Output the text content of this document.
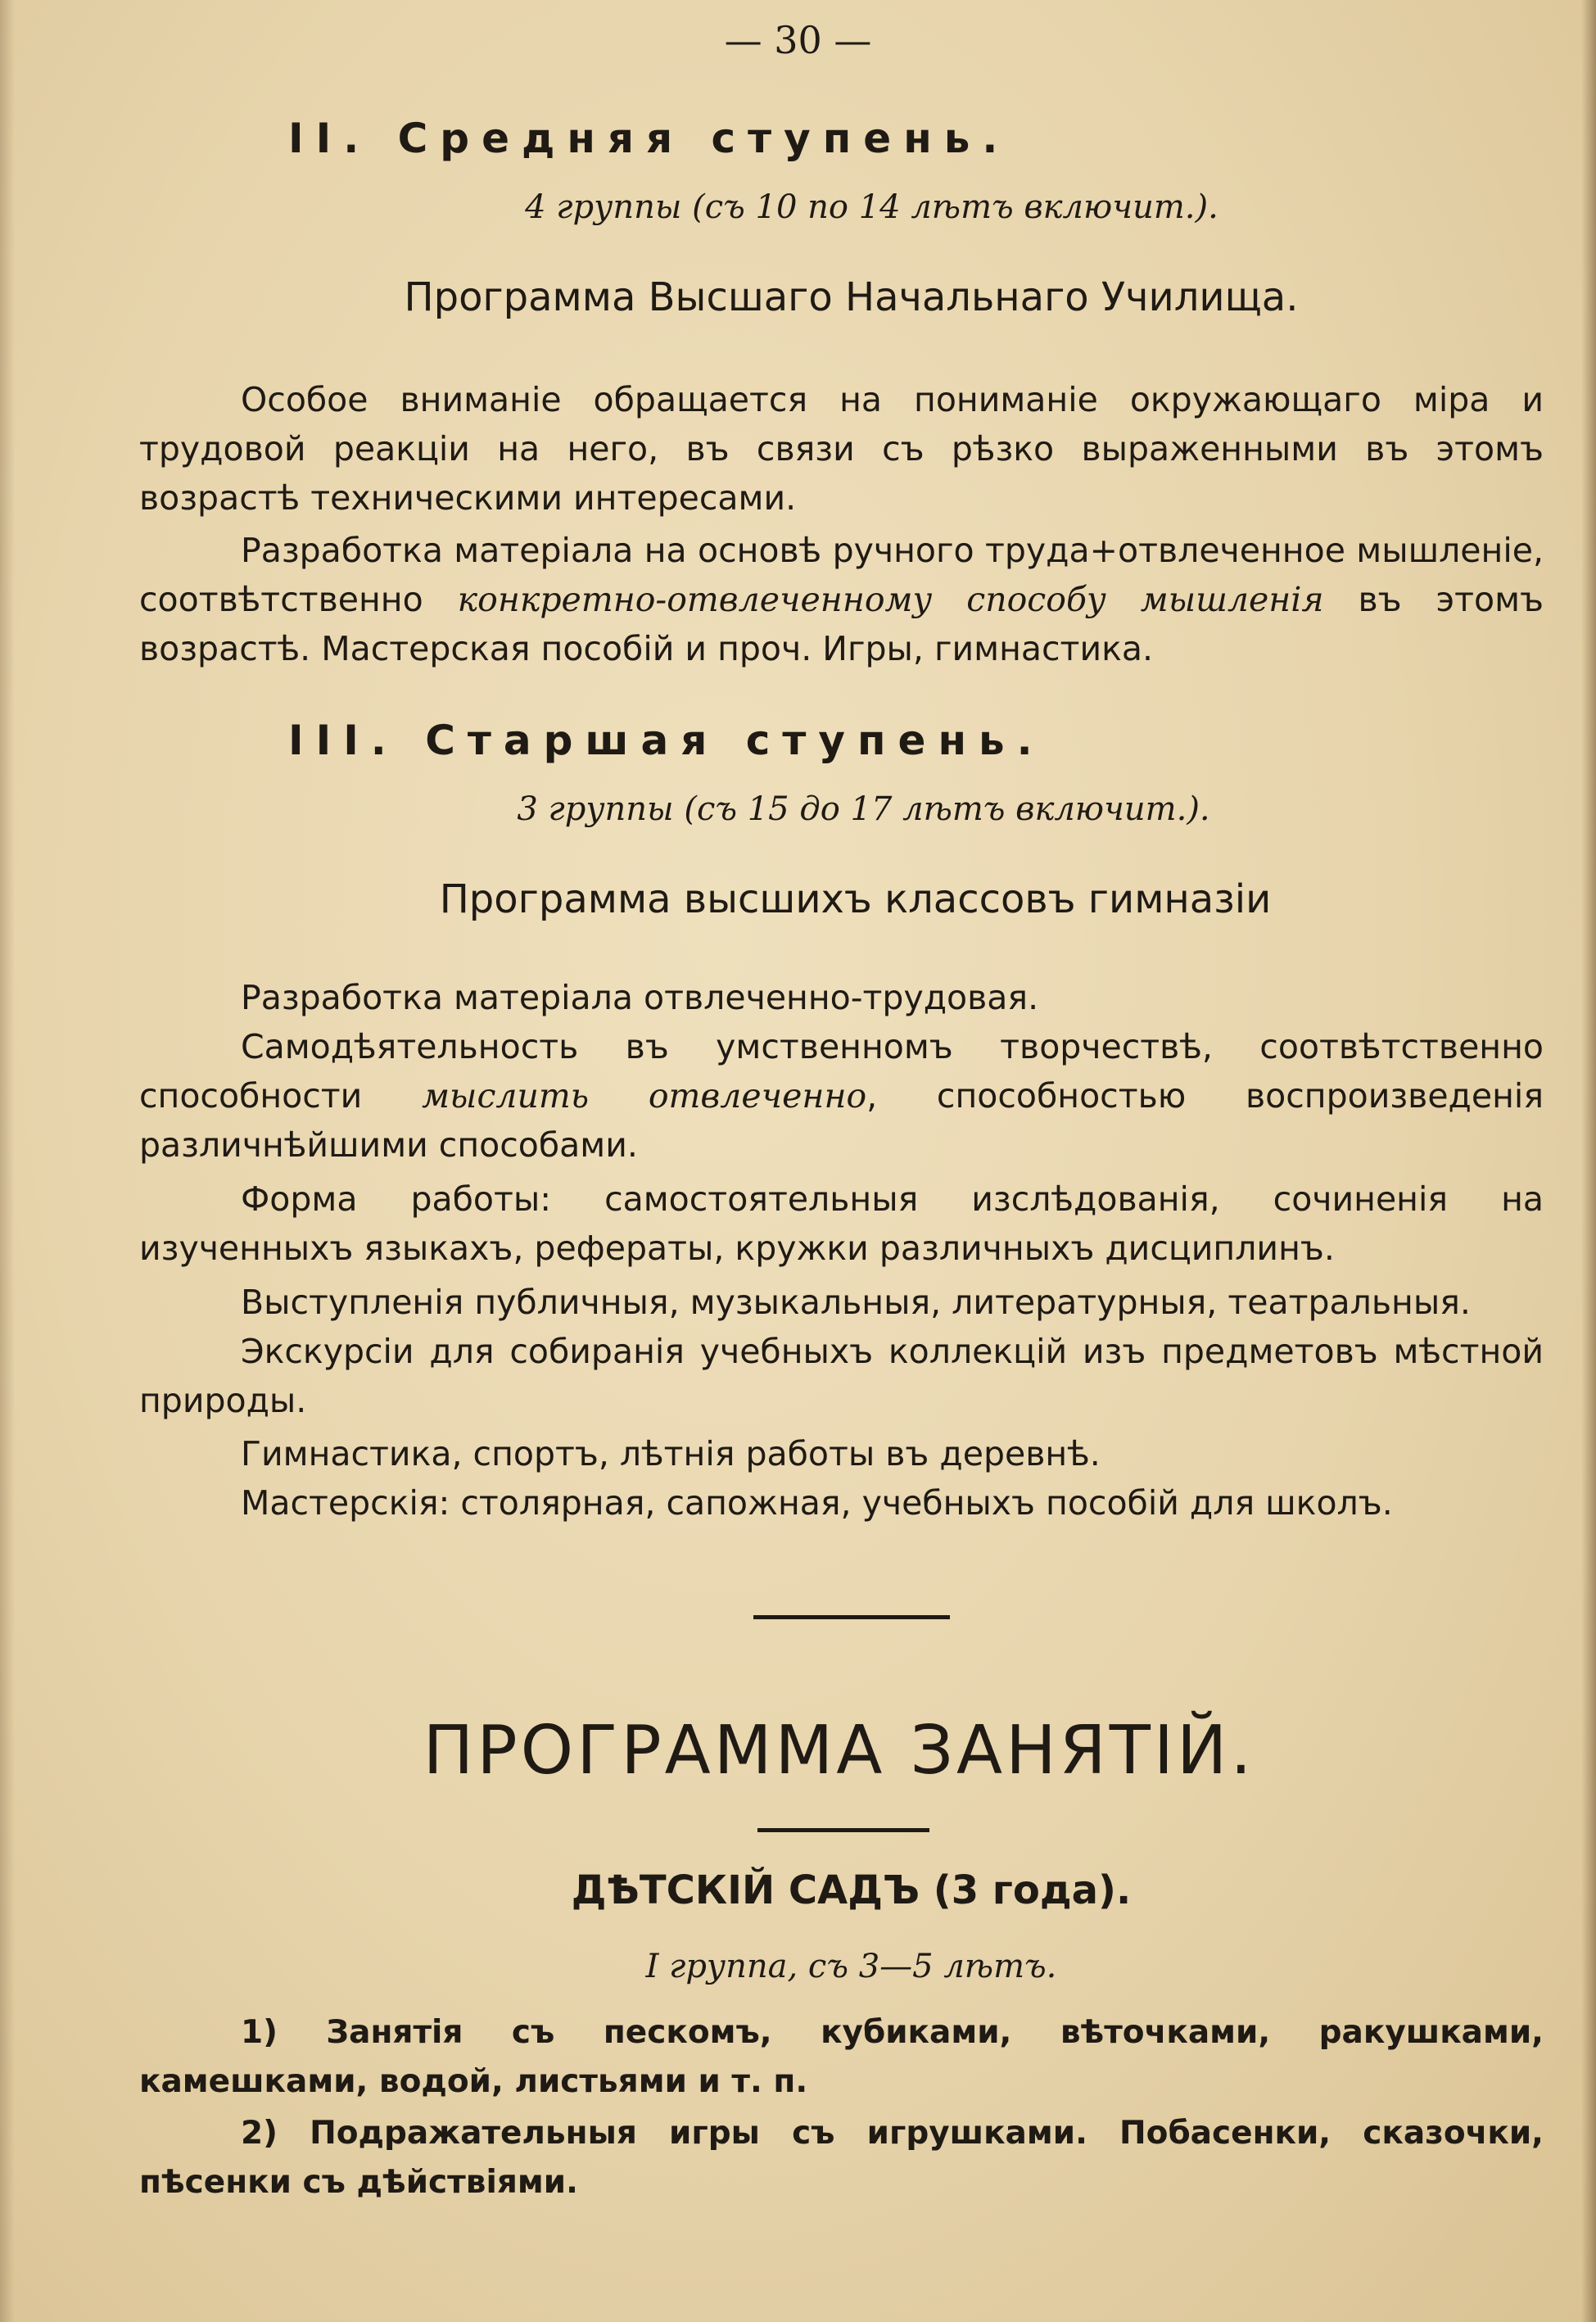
— 30 —
II. Средняя ступень.
4 группы (съ 10 по 14 лѣтъ включит.).
Программа Высшаго Начальнаго Училища.

Особое вниманіе обращается на пониманіе окружающаго міра и трудовой реакціи на него, въ связи съ рѣзко выраженными въ этомъ возрастѣ техническими интересами.

Разработка матеріала на основѣ ручного труда+отвлеченное мышленіе, соотвѣтственно конкретно-отвлеченному способу мышленія въ этомъ возрастѣ. Мастерская пособій и проч. Игры, гимнастика.

III. Старшая ступень.
3 группы (съ 15 до 17 лѣтъ включит.).
Программа высшихъ классовъ гимназіи

Разработка матеріала отвлеченно-трудовая.

Самодѣятельность въ умственномъ творчествѣ, соотвѣтственно способности мыслить отвлеченно, способностью воспроизведенія различнѣйшими способами.

Форма работы: самостоятельныя изслѣдованія, сочиненія на изученныхъ языкахъ, рефераты, кружки различныхъ дисциплинъ.

Выступленія публичныя, музыкальныя, литературныя, театральныя.

Экскурсіи для собиранія учебныхъ коллекцій изъ предметовъ мѣстной природы.

Гимнастика, спортъ, лѣтнія работы въ деревнѣ.

Мастерскія: столярная, сапожная, учебныхъ пособій для школъ.

ПРОГРАММА ЗАНЯТІЙ.
ДѢТСКІЙ САДЪ (3 года).
I группа, съ 3—5 лѣтъ.

1) Занятія съ пескомъ, кубиками, вѣточками, ракушками, камешками, водой, листьями и т. п.

2) Подражательныя игры съ игрушками. Побасенки, сказочки, пѣсенки съ дѣйствіями.
